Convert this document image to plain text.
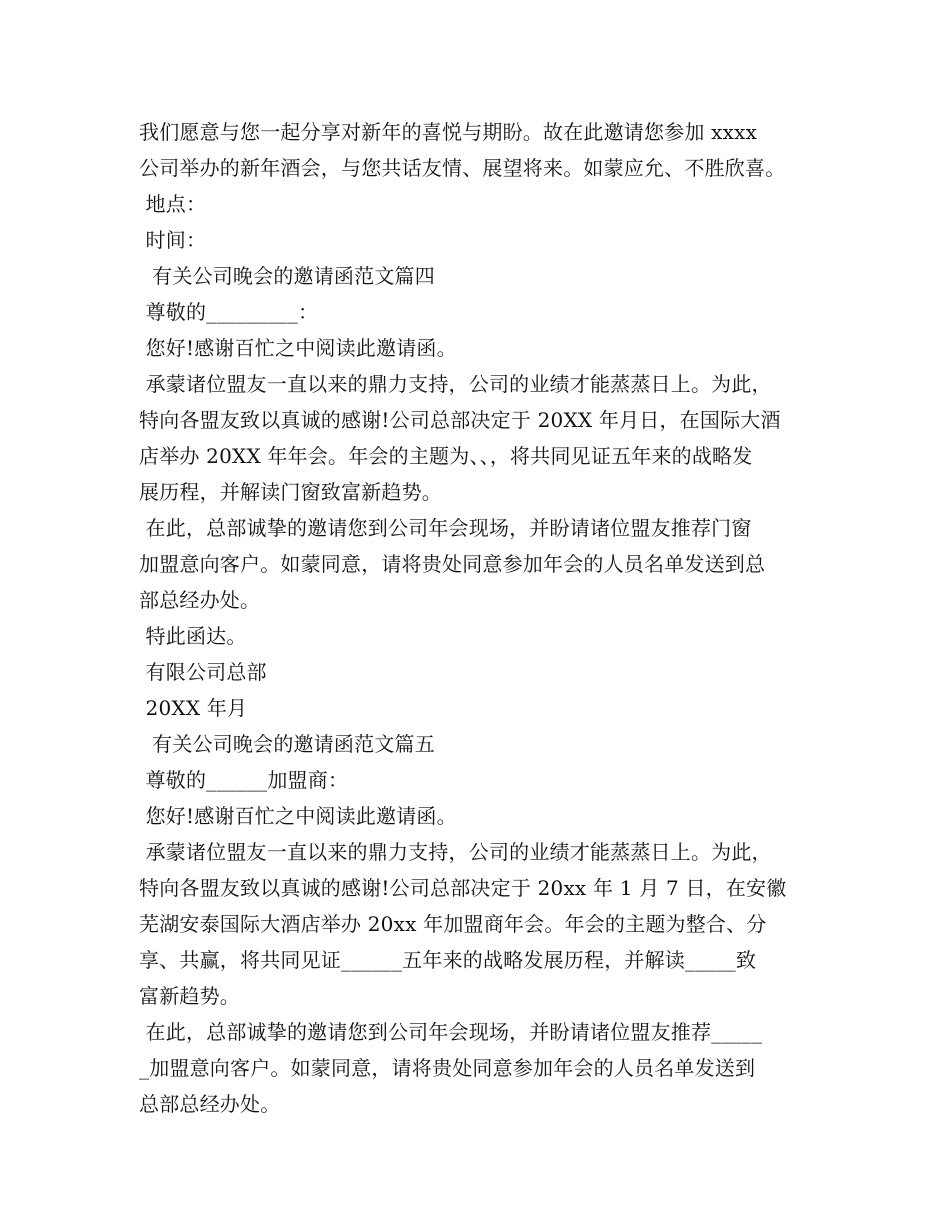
我们愿意与您一起分享对新年的喜悦与期盼。故在此邀请您参加 xxxx
公司举办的新年酒会，与您共话友情、展望将来。如蒙应允、不胜欣喜。
地点：
时间：
有关公司晚会的邀请函范文篇四
尊敬的_________：
您好!感谢百忙之中阅读此邀请函。
承蒙诸位盟友一直以来的鼎力支持，公司的业绩才能蒸蒸日上。为此，
特向各盟友致以真诚的感谢!公司总部决定于 20XX 年月日，在国际大酒
店举办 20XX 年年会。年会的主题为、、，将共同见证五年来的战略发
展历程，并解读门窗致富新趋势。
在此，总部诚挚的邀请您到公司年会现场，并盼请诸位盟友推荐门窗
加盟意向客户。如蒙同意，请将贵处同意参加年会的人员名单发送到总
部总经办处。
特此函达。
有限公司总部
20XX 年月
有关公司晚会的邀请函范文篇五
尊敬的______加盟商：
您好!感谢百忙之中阅读此邀请函。
承蒙诸位盟友一直以来的鼎力支持，公司的业绩才能蒸蒸日上。为此，
特向各盟友致以真诚的感谢!公司总部决定于 20xx 年 1 月 7 日，在安徽
芜湖安泰国际大酒店举办 20xx 年加盟商年会。年会的主题为整合、分
享、共赢，将共同见证______五年来的战略发展历程，并解读_____致
富新趋势。
在此，总部诚挚的邀请您到公司年会现场，并盼请诸位盟友推荐_____
_加盟意向客户。如蒙同意，请将贵处同意参加年会的人员名单发送到
总部总经办处。
